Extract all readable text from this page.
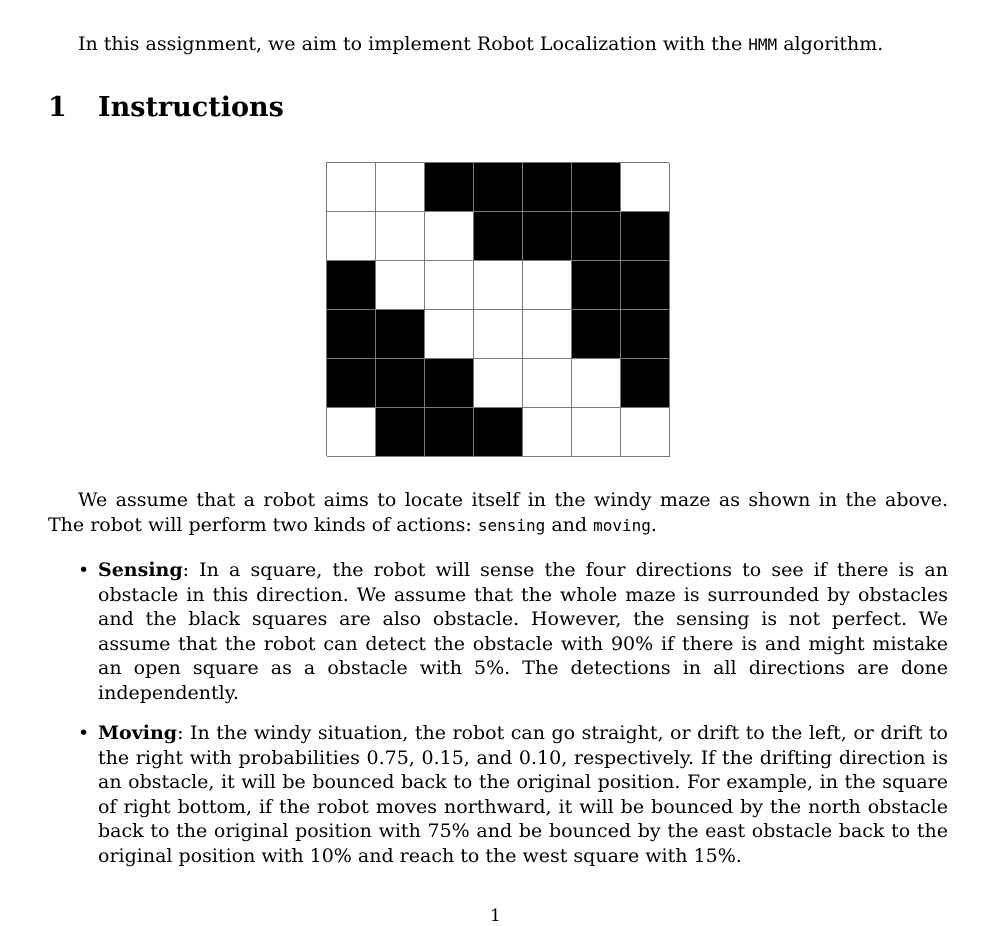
In this assignment, we aim to implement Robot Localization with the HMM algorithm.
1 Instructions
We assume that a robot aims to locate itself in the windy maze as shown in the above. The robot will perform two kinds of actions: sensing and moving.
• Sensing: In a square, the robot will sense the four directions to see if there is an obstacle in this direction. We assume that the whole maze is surrounded by obstacles and the black squares are also obstacle. However, the sensing is not perfect. We assume that the robot can detect the obstacle with 90% if there is and might mistake an open square as a obstacle with 5%. The detections in all directions are done independently.
• Moving: In the windy situation, the robot can go straight, or drift to the left, or drift to the right with probabilities 0.75, 0.15, and 0.10, respectively. If the drifting direction is an obstacle, it will be bounced back to the original position. For example, in the square of right bottom, if the robot moves northward, it will be bounced by the north obstacle back to the original position with 75% and be bounced by the east obstacle back to the original position with 10% and reach to the west square with 15%.
1
